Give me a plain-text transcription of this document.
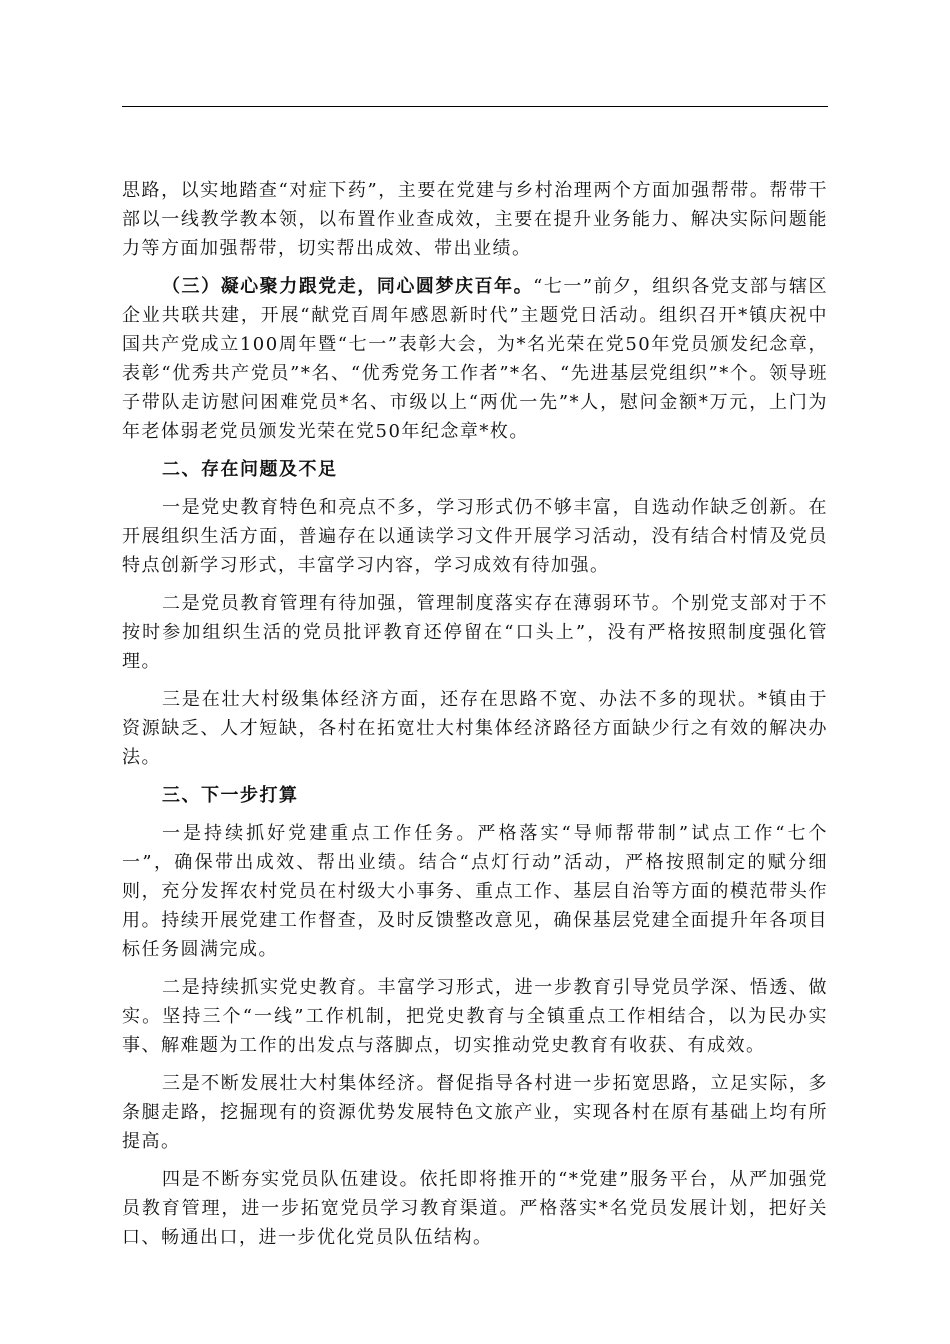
思路，以实地踏查“对症下药”，主要在党建与乡村治理两个方面加强帮带。帮带干部以一线教学教本领，以布置作业查成效，主要在提升业务能力、解决实际问题能力等方面加强帮带，切实帮出成效、带出业绩。

（三）凝心聚力跟党走，同心圆梦庆百年。“七一”前夕，组织各党支部与辖区企业共联共建，开展“献党百周年感恩新时代”主题党日活动。组织召开*镇庆祝中国共产党成立100周年暨“七一”表彰大会，为*名光荣在党50年党员颁发纪念章，表彰“优秀共产党员”*名、“优秀党务工作者”*名、“先进基层党组织”*个。领导班子带队走访慰问困难党员*名、市级以上“两优一先”*人，慰问金额*万元，上门为年老体弱老党员颁发光荣在党50年纪念章*枚。

二、存在问题及不足

一是党史教育特色和亮点不多，学习形式仍不够丰富，自选动作缺乏创新。在开展组织生活方面，普遍存在以通读学习文件开展学习活动，没有结合村情及党员特点创新学习形式，丰富学习内容，学习成效有待加强。

二是党员教育管理有待加强，管理制度落实存在薄弱环节。个别党支部对于不按时参加组织生活的党员批评教育还停留在“口头上”，没有严格按照制度强化管理。

三是在壮大村级集体经济方面，还存在思路不宽、办法不多的现状。*镇由于资源缺乏、人才短缺，各村在拓宽壮大村集体经济路径方面缺少行之有效的解决办法。

三、下一步打算

一是持续抓好党建重点工作任务。严格落实“导师帮带制”试点工作“七个一”，确保带出成效、帮出业绩。结合“点灯行动”活动，严格按照制定的赋分细则，充分发挥农村党员在村级大小事务、重点工作、基层自治等方面的模范带头作用。持续开展党建工作督查，及时反馈整改意见，确保基层党建全面提升年各项目标任务圆满完成。

二是持续抓实党史教育。丰富学习形式，进一步教育引导党员学深、悟透、做实。坚持三个“一线”工作机制，把党史教育与全镇重点工作相结合，以为民办实事、解难题为工作的出发点与落脚点，切实推动党史教育有收获、有成效。

三是不断发展壮大村集体经济。督促指导各村进一步拓宽思路，立足实际，多条腿走路，挖掘现有的资源优势发展特色文旅产业，实现各村在原有基础上均有所提高。

四是不断夯实党员队伍建设。依托即将推开的“*党建”服务平台，从严加强党员教育管理，进一步拓宽党员学习教育渠道。严格落实*名党员发展计划，把好关口、畅通出口，进一步优化党员队伍结构。
